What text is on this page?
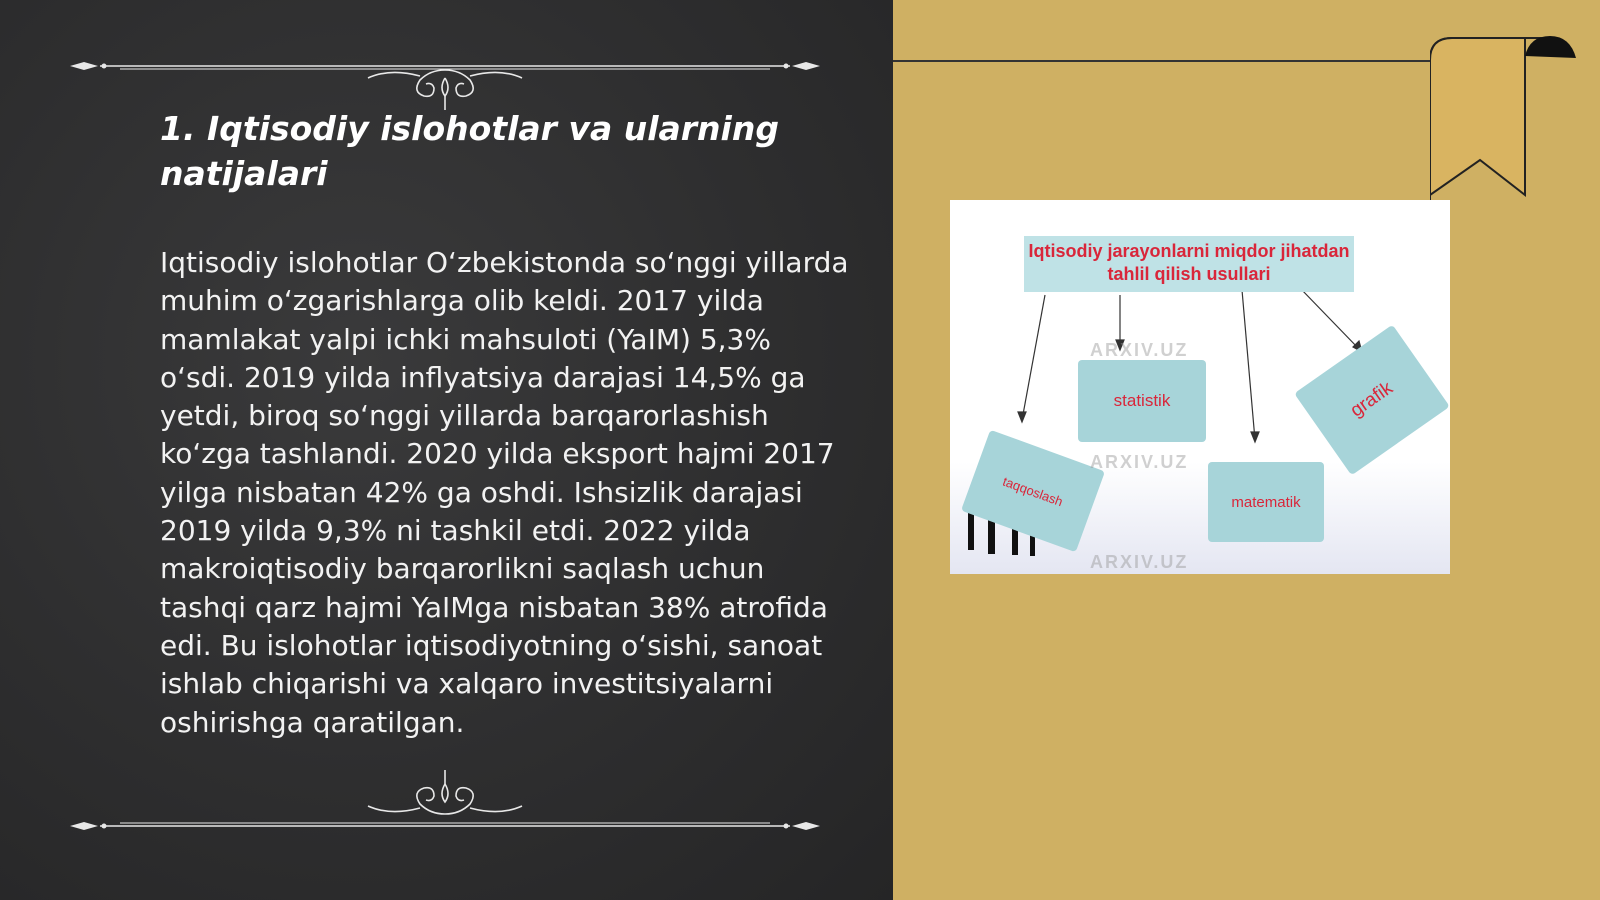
1. Iqtisodiy islohotlar va ularning natijalari

Iqtisodiy islohotlar O‘zbekistonda so‘nggi yillarda muhim o‘zgarishlarga olib keldi. 2017 yilda mamlakat yalpi ichki mahsuloti (YaIM) 5,3% o‘sdi. 2019 yilda inflyatsiya darajasi 14,5% ga yetdi, biroq so‘nggi yillarda barqarorlashish ko‘zga tashlandi. 2020 yilda eksport hajmi 2017 yilga nisbatan 42% ga oshdi. Ishsizlik darajasi 2019 yilda 9,3% ni tashkil etdi. 2022 yilda makroiqtisodiy barqarorlikni saqlash uchun tashqi qarz hajmi YaIMga nisbatan 38% atrofida edi. Bu islohotlar iqtisodiyotning o‘sishi, sanoat ishlab chiqarishi va xalqaro investitsiyalarni oshirishga qaratilgan.

Iqtisodiy jarayonlarni miqdor jihatdan tahlil qilish usullari
statistik	grafik
taqqoslash	matematik
ARXIV.UZ
ARXIV.UZ
ARXIV.UZ
